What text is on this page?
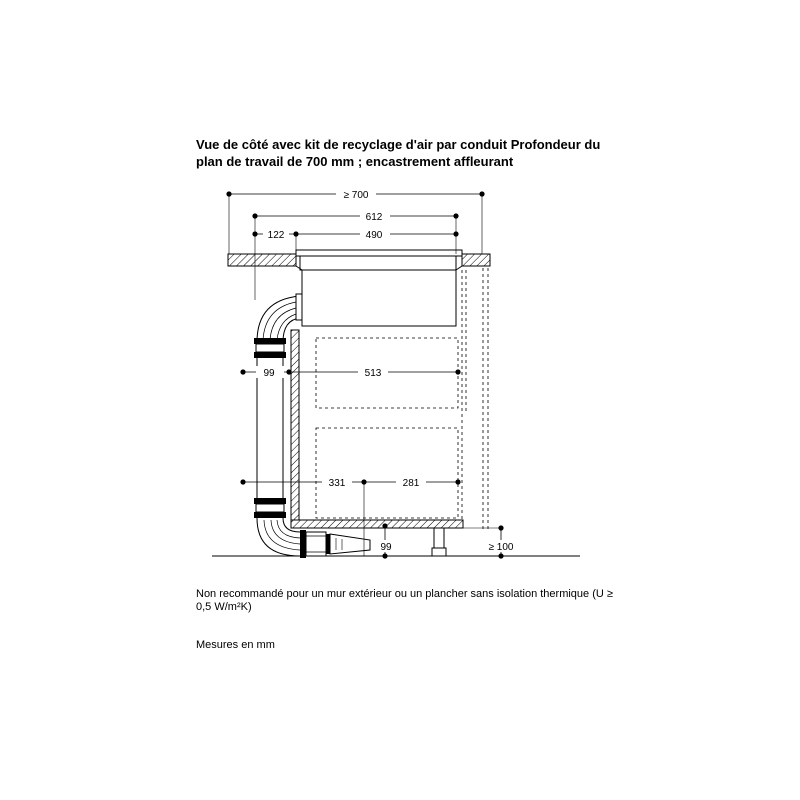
Vue de côté avec kit de recyclage d'air par conduit Profondeur du plan de travail de 700 mm ; encastrement affleurant
≥ 700
612
122	490
99	513
331	281
99	≥ 100

Non recommandé pour un mur extérieur ou un plancher sans isolation thermique (U ≥ 0,5 W/m²K)

Mesures en mm
